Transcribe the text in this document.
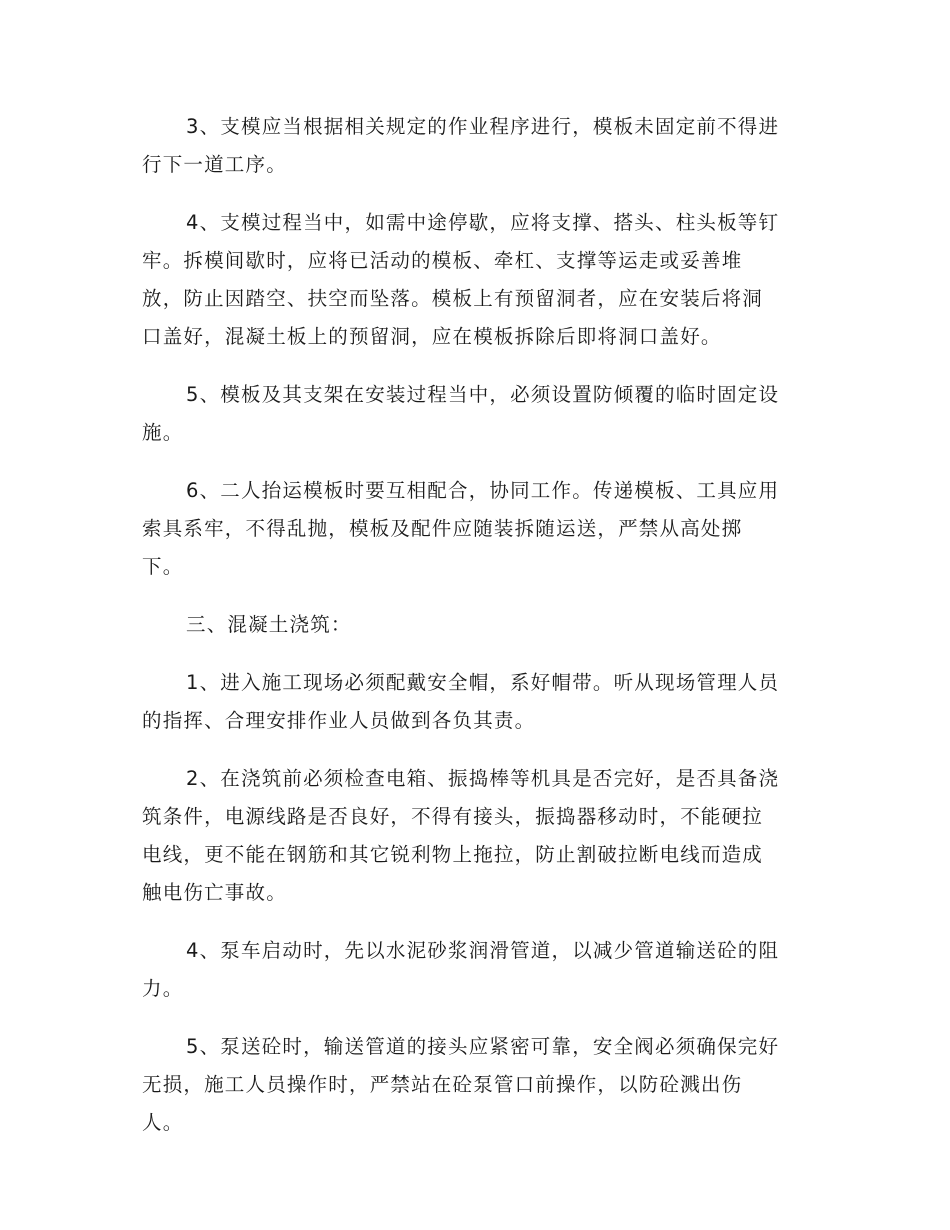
3、支模应当根据相关规定的作业程序进行，模板未固定前不得进
行下一道工序。

4、支模过程当中，如需中途停歇，应将支撑、搭头、柱头板等钉
牢。拆模间歇时，应将已活动的模板、牵杠、支撑等运走或妥善堆
放，防止因踏空、扶空而坠落。模板上有预留洞者，应在安装后将洞
口盖好，混凝土板上的预留洞，应在模板拆除后即将洞口盖好。

5、模板及其支架在安装过程当中，必须设置防倾覆的临时固定设
施。

6、二人抬运模板时要互相配合，协同工作。传递模板、工具应用
索具系牢，不得乱抛，模板及配件应随装拆随运送，严禁从高处掷
下。

三、混凝土浇筑：

1、进入施工现场必须配戴安全帽，系好帽带。听从现场管理人员
的指挥、合理安排作业人员做到各负其责。

2、在浇筑前必须检查电箱、振捣棒等机具是否完好，是否具备浇
筑条件，电源线路是否良好，不得有接头，振捣器移动时，不能硬拉
电线，更不能在钢筋和其它锐利物上拖拉，防止割破拉断电线而造成
触电伤亡事故。

4、泵车启动时，先以水泥砂浆润滑管道，以减少管道输送砼的阻
力。

5、泵送砼时，输送管道的接头应紧密可靠，安全阀必须确保完好
无损，施工人员操作时，严禁站在砼泵管口前操作，以防砼溅出伤
人。
